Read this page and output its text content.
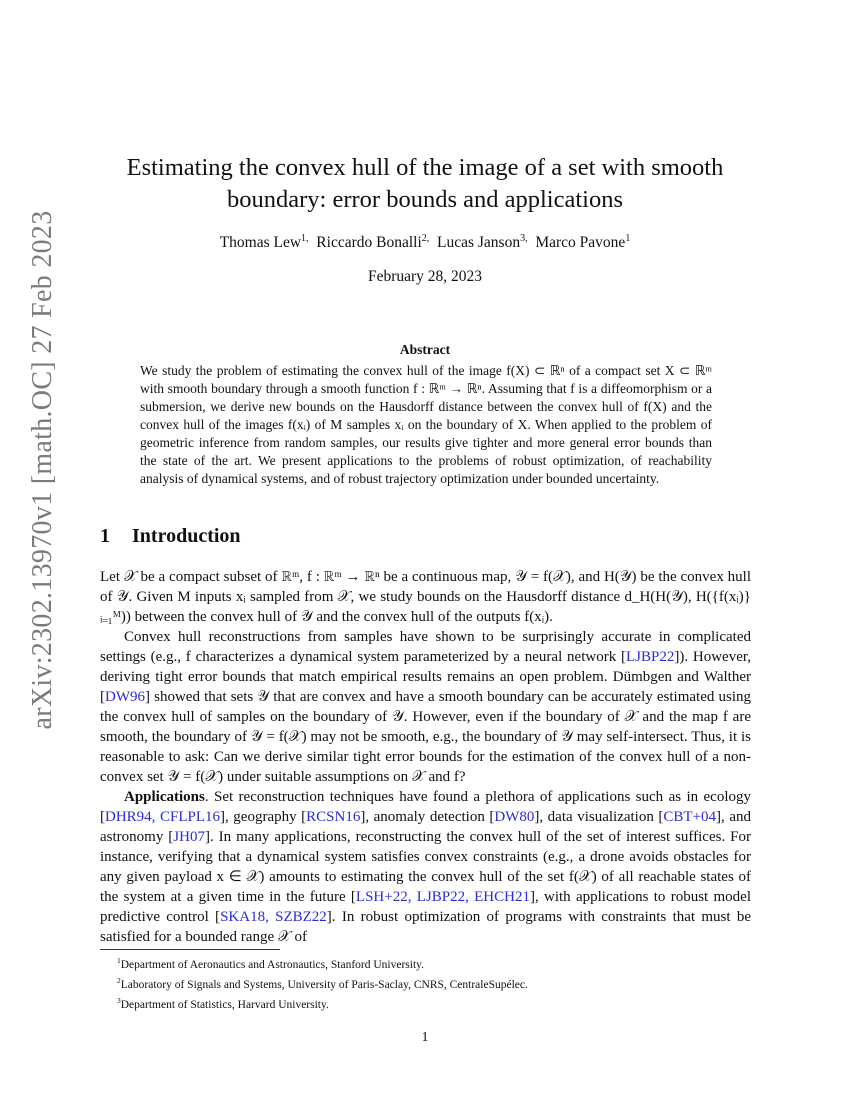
arXiv:2302.13970v1 [math.OC] 27 Feb 2023
Estimating the convex hull of the image of a set with smooth boundary: error bounds and applications
Thomas Lew$^{1,}$ Riccardo Bonalli$^{2,}$ Lucas Janson$^{3,}$ Marco Pavone$^1$
February 28, 2023
Abstract
We study the problem of estimating the convex hull of the image f(X) ⊂ ℝⁿ of a compact set X ⊂ ℝᵐ with smooth boundary through a smooth function f : ℝᵐ → ℝⁿ. Assuming that f is a diffeomorphism or a submersion, we derive new bounds on the Hausdorff distance between the convex hull of f(X) and the convex hull of the images f(xᵢ) of M samples xᵢ on the boundary of X. When applied to the problem of geometric inference from random samples, our results give tighter and more general error bounds than the state of the art. We present applications to the problems of robust optimization, of reachability analysis of dynamical systems, and of robust trajectory optimization under bounded uncertainty.
1 Introduction

Let 𝒳 be a compact subset of ℝᵐ, f : ℝᵐ → ℝⁿ be a continuous map, 𝒴 = f(𝒳), and H(𝒴) be the convex hull of 𝒴. Given M inputs xᵢ sampled from 𝒳, we study bounds on the Hausdorff distance d_H(H(𝒴), H({f(xᵢ)}ᵢ₌₁ᴹ)) between the convex hull of 𝒴 and the convex hull of the outputs f(xᵢ).

Convex hull reconstructions from samples have shown to be surprisingly accurate in complicated settings (e.g., f characterizes a dynamical system parameterized by a neural network [LJBP22]). However, deriving tight error bounds that match empirical results remains an open problem. Dümbgen and Walther [DW96] showed that sets 𝒴 that are convex and have a smooth boundary can be accurately estimated using the convex hull of samples on the boundary of 𝒴. However, even if the boundary of 𝒳 and the map f are smooth, the boundary of 𝒴 = f(𝒳) may not be smooth, e.g., the boundary of 𝒴 may self-intersect. Thus, it is reasonable to ask: Can we derive similar tight error bounds for the estimation of the convex hull of a non-convex set 𝒴 = f(𝒳) under suitable assumptions on 𝒳 and f?

Applications. Set reconstruction techniques have found a plethora of applications such as in ecology [DHR94, CFLPL16], geography [RCSN16], anomaly detection [DW80], data visualization [CBT+04], and astronomy [JH07]. In many applications, reconstructing the convex hull of the set of interest suffices. For instance, verifying that a dynamical system satisfies convex constraints (e.g., a drone avoids obstacles for any given payload x ∈ 𝒳) amounts to estimating the convex hull of the set f(𝒳) of all reachable states of the system at a given time in the future [LSH+22, LJBP22, EHCH21], with applications to robust model predictive control [SKA18, SZBZ22]. In robust optimization of programs with constraints that must be satisfied for a bounded range 𝒳 of

$^1$Department of Aeronautics and Astronautics, Stanford University.
$^2$Laboratory of Signals and Systems, University of Paris-Saclay, CNRS, CentraleSupélec.
$^3$Department of Statistics, Harvard University.
1
